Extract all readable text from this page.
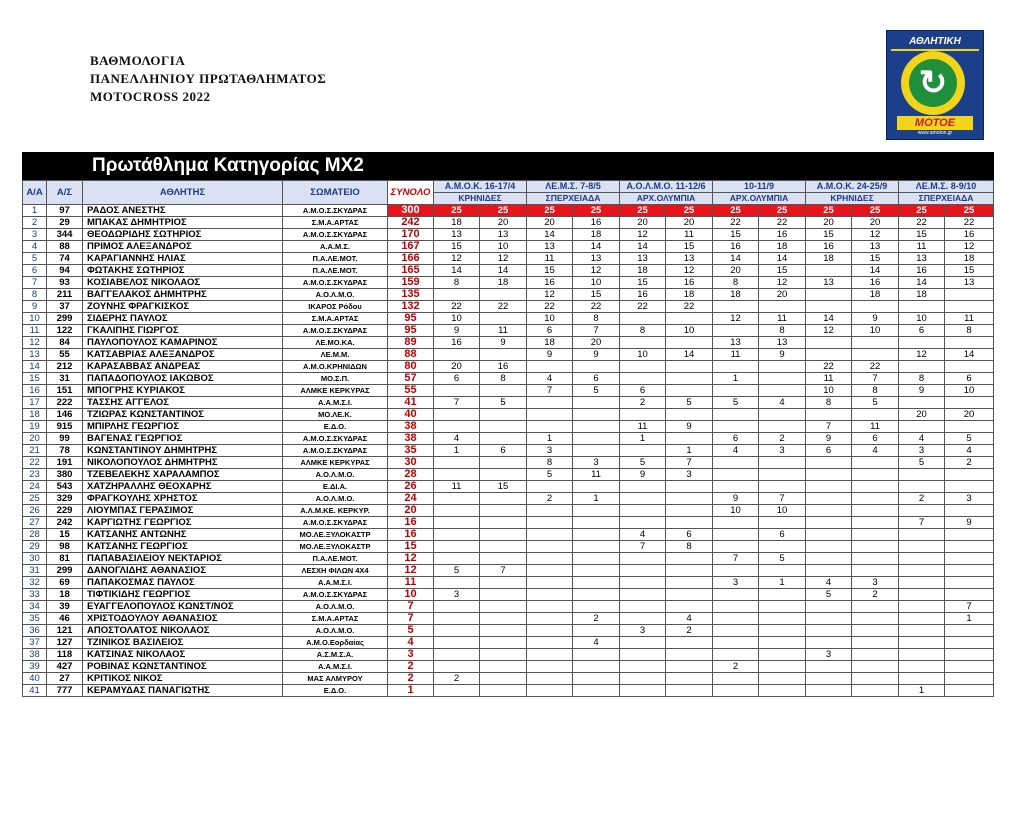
ΒΑΘΜΟΛΟΓΙΑ
ΠΑΝΕΛΛΗΝΙΟΥ ΠΡΩΤΑΘΛΗΜΑΤΟΣ
MOTOCROSS 2022
ΑΘΛΗΤΙΚΗ
↻
MOTOE
www.amoton.gr
Πρωτάθλημα Κατηγορίας MX2
Α/Α	Α/Σ	ΑΘΛΗΤΗΣ	ΣΩΜΑΤΕΙΟ	ΣΥΝΟΛΟ	Α.Μ.Ο.Κ. 16-17/4		ΛΕ.Μ.Σ. 7-8/5		Α.Ο.Λ.Μ.Ο. 11-12/6		10-11/9		Α.Μ.Ο.Κ. 24-25/9		ΛΕ.Μ.Σ. 8-9/10	
					ΚΡΗΝΙΔΕΣ		ΣΠΕΡΧΕΙΑΔΑ		ΑΡΧ.ΟΛΥΜΠΙΑ		ΑΡΧ.ΟΛΥΜΠΙΑ		ΚΡΗΝΙΔΕΣ		ΣΠΕΡΧΕΙΑΔΑ	
1	97	ΡΑΔΟΣ ΑΝΕΣΤΗΣ	Α.Μ.Ο.Σ.ΣΚΥΔΡΑΣ	300	25	25	25	25	25	25	25	25	25	25	25	25
2	29	ΜΠΑΚΑΣ ΔΗΜΗΤΡΙΟΣ	Σ.Μ.Α.ΑΡΤΑΣ	242	18	20	20	16	20	20	22	22	20	20	22	22
3	344	ΘΕΟΔΩΡΙΔΗΣ ΣΩΤΗΡΙΟΣ	Α.Μ.Ο.Σ.ΣΚΥΔΡΑΣ	170	13	13	14	18	12	11	15	16	15	12	15	16
4	88	ΠΡΙΜΟΣ ΑΛΕΞΑΝΔΡΟΣ	Α.Α.Μ.Σ.	167	15	10	13	14	14	15	16	18	16	13	11	12
5	74	ΚΑΡΑΓΙΑΝΝΗΣ ΗΛΙΑΣ	Π.Α.ΛΕ.ΜΟΤ.	166	12	12	11	13	13	13	14	14	18	15	13	18
6	94	ΦΩΤΑΚΗΣ ΣΩΤΗΡΙΟΣ	Π.Α.ΛΕ.ΜΟΤ.	165	14	14	15	12	18	12	20	15		14	16	15
7	93	ΚΟΣΙΑΒΕΛΟΣ ΝΙΚΟΛΑΟΣ	Α.Μ.Ο.Σ.ΣΚΥΔΡΑΣ	159	8	18	16	10	15	16	8	12	13	16	14	13
8	211	ΒΑΓΓΕΛΑΚΟΣ ΔΗΜΗΤΡΗΣ	Α.Ο.Λ.Μ.Ο.	135			12	15	16	18	18	20		18	18	
9	37	ΖΟΥΝΗΣ ΦΡΑΓΚΙΣΚΟΣ	ΙΚΑΡΟΣ Ρόδου	132	22	22	22	22	22	22						
10	299	ΣΙΔΕΡΗΣ ΠΑΥΛΟΣ	Σ.Μ.Α.ΑΡΤΑΣ	95	10		10	8			12	11	14	9	10	11
11	122	ΓΚΑΛΙΠΗΣ ΓΙΩΡΓΟΣ	Α.Μ.Ο.Σ.ΣΚΥΔΡΑΣ	95	9	11	6	7	8	10		8	12	10	6	8
12	84	ΠΑΥΛΟΠΟΥΛΟΣ ΚΑΜΑΡΙΝΟΣ	ΛΕ.ΜΟ.ΚΑ.	89	16	9	18	20			13	13				
13	55	ΚΑΤΣΑΒΡΙΑΣ ΑΛΕΞΑΝΔΡΟΣ	ΛΕ.Μ.Μ.	88			9	9	10	14	11	9			12	14
14	212	ΚΑΡΑΣΑΒΒΑΣ ΑΝΔΡΕΑΣ	Α.Μ.Ο.ΚΡΗΝΙΔΩΝ	80	20	16							22	22		
15	31	ΠΑΠΑΔΟΠΟΥΛΟΣ ΙΑΚΩΒΟΣ	ΜΟ.Σ.Π.	57	6	8	4	6			1		11	7	8	6
16	151	ΜΠΟΓΡΗΣ ΚΥΡΙΑΚΟΣ	ΑΛΜΚΕ ΚΕΡΚΥΡΑΣ	55			7	5	6				10	8	9	10
17	222	ΤΑΣΣΗΣ ΑΓΓΕΛΟΣ	Α.Α.Μ.Σ.Ι.	41	7	5			2	5	5	4	8	5		
18	146	ΤΖΙΩΡΑΣ ΚΩΝΣΤΑΝΤΙΝΟΣ	ΜΟ.ΛΕ.Κ.	40											20	20
19	915	ΜΠΙΡΛΗΣ ΓΕΩΡΓΙΟΣ	Ε.Δ.Ο.	38					11	9			7	11		
20	99	ΒΑΓΕΝΑΣ ΓΕΩΡΓΙΟΣ	Α.Μ.Ο.Σ.ΣΚΥΔΡΑΣ	38	4		1		1		6	2	9	6	4	5
21	78	ΚΩΝΣΤΑΝΤΙΝΟΥ ΔΗΜΗΤΡΗΣ	Α.Μ.Ο.Σ.ΣΚΥΔΡΑΣ	35	1	6	3			1	4	3	6	4	3	4
22	191	ΝΙΚΟΛΟΠΟΥΛΟΣ ΔΗΜΗΤΡΗΣ	ΑΛΜΚΕ ΚΕΡΚΥΡΑΣ	30			8	3	5	7					5	2
23	380	ΤΖΕΒΕΛΕΚΗΣ ΧΑΡΑΛΑΜΠΟΣ	Α.Ο.Λ.Μ.Ο.	28			5	11	9	3						
24	543	ΧΑΤΖΗΡΑΛΛΗΣ ΘΕΟΧΑΡΗΣ	Ε.ΔΙ.Α.	26	11	15										
25	329	ΦΡΑΓΚΟΥΛΗΣ ΧΡΗΣΤΟΣ	Α.Ο.Λ.Μ.Ο.	24			2	1			9	7			2	3
26	229	ΛΙΟΥΜΠΑΣ ΓΕΡΑΣΙΜΟΣ	Α.Λ.Μ.ΚΕ. ΚΕΡΚΥΡ.	20							10	10				
27	242	ΚΑΡΓΙΩΤΗΣ ΓΕΩΡΓΙΟΣ	Α.Μ.Ο.Σ.ΣΚΥΔΡΑΣ	16											7	9
28	15	ΚΑΤΣΑΝΗΣ ΑΝΤΩΝΗΣ	ΜΟ.ΛΕ.ΞΥΛΟΚΑΣΤΡ	16					4	6		6				
29	98	ΚΑΤΣΑΝΗΣ ΓΕΩΡΓΙΟΣ	ΜΟ.ΛΕ.ΞΥΛΟΚΑΣΤΡ	15					7	8						
30	81	ΠΑΠΑΒΑΣΙΛΕΙΟΥ ΝΕΚΤΑΡΙΟΣ	Π.Α.ΛΕ.ΜΟΤ.	12							7	5				
31	299	ΔΑΝΟΓΛΙΔΗΣ ΑΘΑΝΑΣΙΟΣ	ΛΕΣΧΗ ΦΙΛΩΝ 4Χ4	12	5	7										
32	69	ΠΑΠΑΚΟΣΜΑΣ ΠΑΥΛΟΣ	Α.Α.Μ.Σ.Ι.	11							3	1	4	3		
33	18	ΤΙΦΤΙΚΙΔΗΣ ΓΕΩΡΓΙΟΣ	Α.Μ.Ο.Σ.ΣΚΥΔΡΑΣ	10	3								5	2		
34	39	ΕΥΑΓΓΕΛΟΠΟΥΛΟΣ ΚΩΝΣΤ/ΝΟΣ	Α.Ο.Λ.Μ.Ο.	7												7
35	46	ΧΡΙΣΤΟΔΟΥΛΟΥ ΑΘΑΝΑΣΙΟΣ	Σ.Μ.Α.ΑΡΤΑΣ	7				2		4						1
36	121	ΑΠΟΣΤΟΛΑΤΟΣ ΝΙΚΟΛΑΟΣ	Α.Ο.Λ.Μ.Ο.	5					3	2						
37	127	ΤΖΙΝΙΚΟΣ ΒΑΣΙΛΕΙΟΣ	Α.Μ.Ο.Εορδαίας	4				4								
38	118	ΚΑΤΣΙΝΑΣ ΝΙΚΟΛΑΟΣ	Α.Σ.Μ.Σ.Α.	3									3			
39	427	ΡΟΒΙΝΑΣ ΚΩΝΣΤΑΝΤΙΝΟΣ	Α.Α.Μ.Σ.Ι.	2							2					
40	27	ΚΡΙΤΙΚΟΣ ΝΙΚΟΣ	ΜΑΣ ΑΛΜΥΡΟΥ	2	2											
41	777	ΚΕΡΑΜΥΔΑΣ ΠΑΝΑΓΙΩΤΗΣ	Ε.Δ.Ο.	1											1	
